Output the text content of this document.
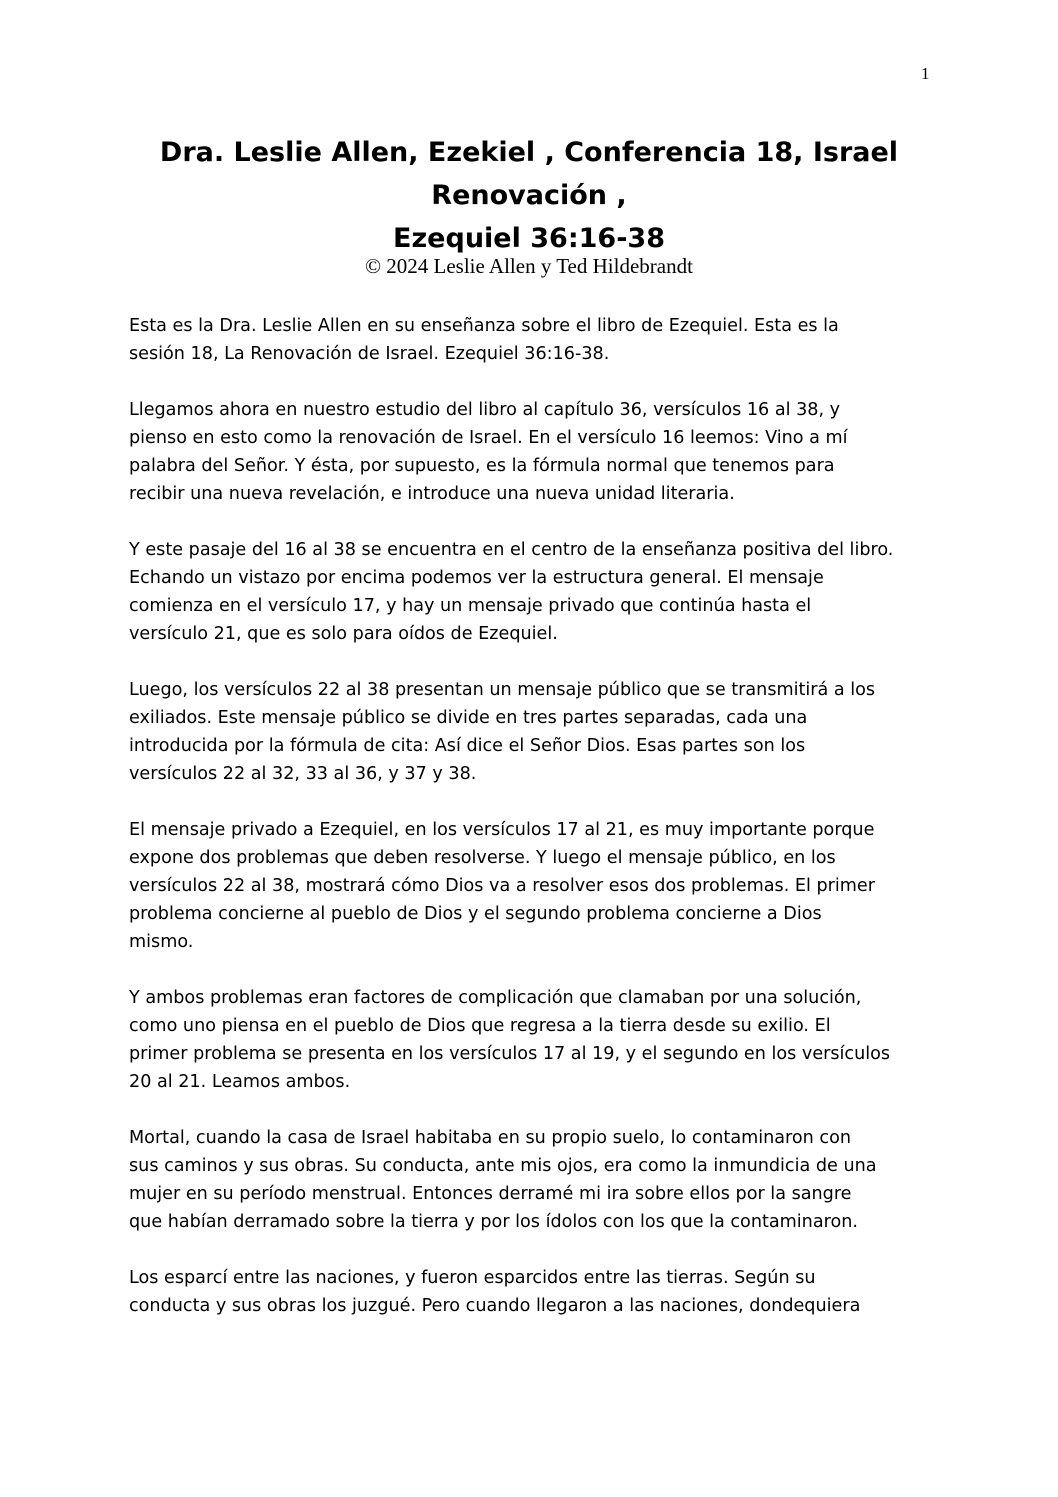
1
Dra. Leslie Allen, Ezekiel , Conferencia 18, Israel
Renovación ,
Ezequiel 36:16-38
© 2024 Leslie Allen y Ted Hildebrandt
Esta es la Dra. Leslie Allen en su enseñanza sobre el libro de Ezequiel. Esta es la
sesión 18, La Renovación de Israel. Ezequiel 36:16-38.
Llegamos ahora en nuestro estudio del libro al capítulo 36, versículos 16 al 38, y
pienso en esto como la renovación de Israel. En el versículo 16 leemos: Vino a mí
palabra del Señor. Y ésta, por supuesto, es la fórmula normal que tenemos para
recibir una nueva revelación, e introduce una nueva unidad literaria.
Y este pasaje del 16 al 38 se encuentra en el centro de la enseñanza positiva del libro.
Echando un vistazo por encima podemos ver la estructura general. El mensaje
comienza en el versículo 17, y hay un mensaje privado que continúa hasta el
versículo 21, que es solo para oídos de Ezequiel.
Luego, los versículos 22 al 38 presentan un mensaje público que se transmitirá a los
exiliados. Este mensaje público se divide en tres partes separadas, cada una
introducida por la fórmula de cita: Así dice el Señor Dios. Esas partes son los
versículos 22 al 32, 33 al 36, y 37 y 38.
El mensaje privado a Ezequiel, en los versículos 17 al 21, es muy importante porque
expone dos problemas que deben resolverse. Y luego el mensaje público, en los
versículos 22 al 38, mostrará cómo Dios va a resolver esos dos problemas. El primer
problema concierne al pueblo de Dios y el segundo problema concierne a Dios
mismo.
Y ambos problemas eran factores de complicación que clamaban por una solución,
como uno piensa en el pueblo de Dios que regresa a la tierra desde su exilio. El
primer problema se presenta en los versículos 17 al 19, y el segundo en los versículos
20 al 21. Leamos ambos.
Mortal, cuando la casa de Israel habitaba en su propio suelo, lo contaminaron con
sus caminos y sus obras. Su conducta, ante mis ojos, era como la inmundicia de una
mujer en su período menstrual. Entonces derramé mi ira sobre ellos por la sangre
que habían derramado sobre la tierra y por los ídolos con los que la contaminaron.
Los esparcí entre las naciones, y fueron esparcidos entre las tierras. Según su
conducta y sus obras los juzgué. Pero cuando llegaron a las naciones, dondequiera
